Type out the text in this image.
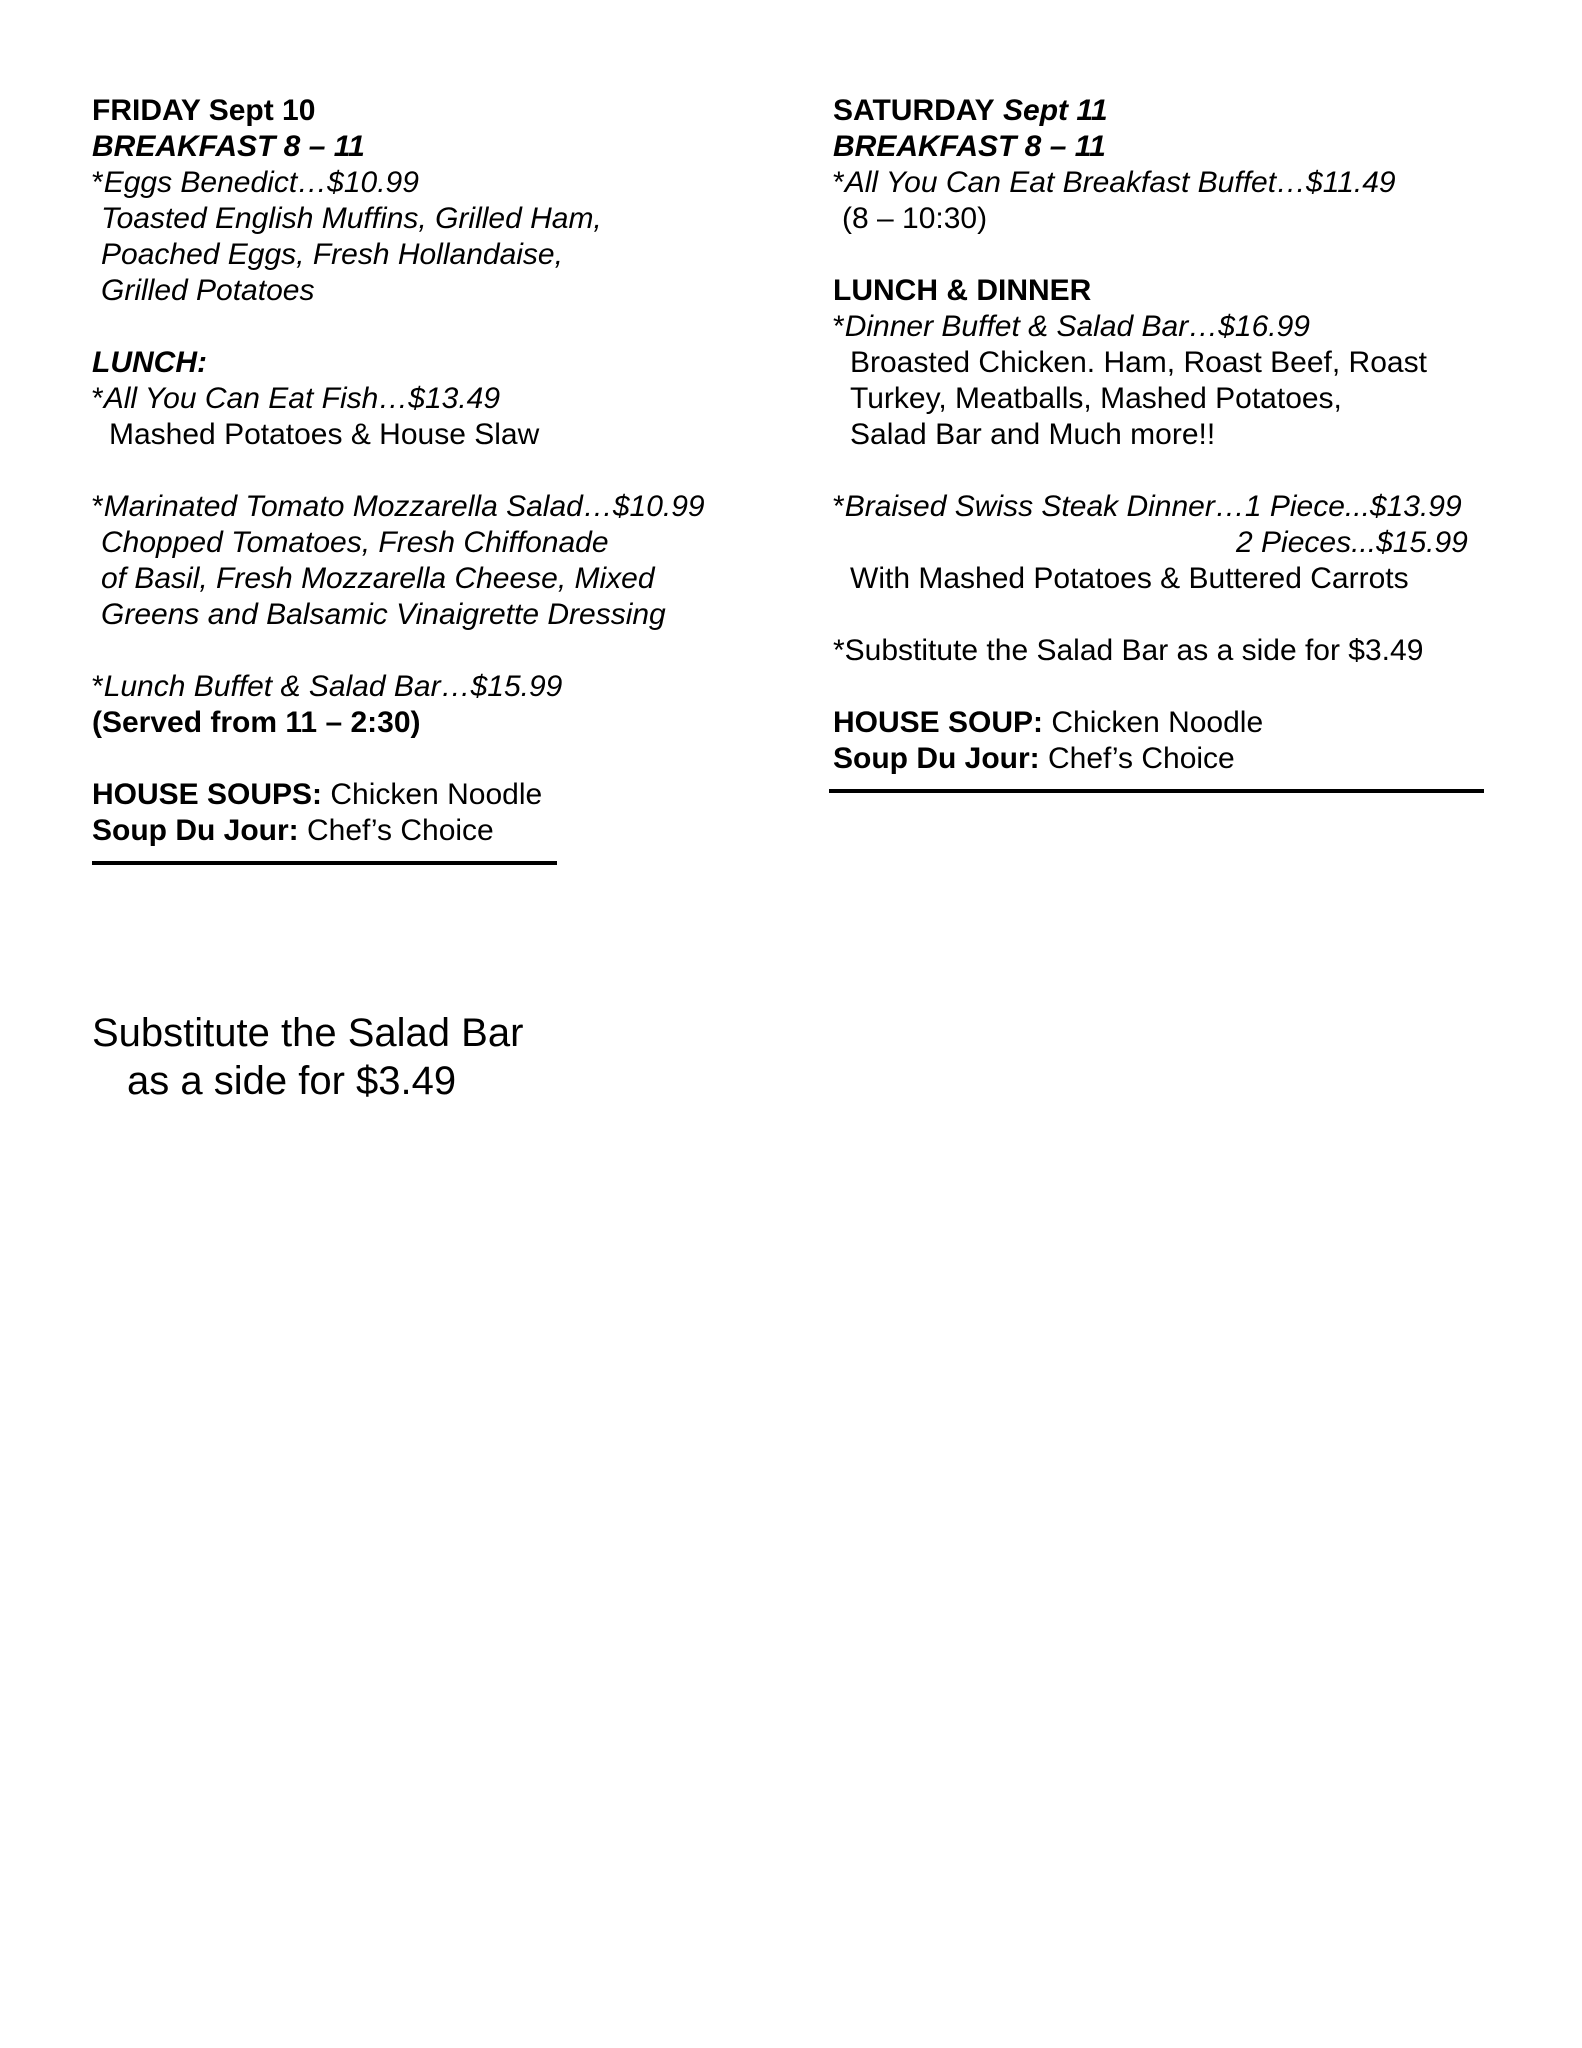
FRIDAY Sept 10
BREAKFAST 8 – 11
*Eggs Benedict…$10.99
Toasted English Muffins, Grilled Ham,
Poached Eggs, Fresh Hollandaise,
Grilled Potatoes
LUNCH:
*All You Can Eat Fish…$13.49
Mashed Potatoes & House Slaw
*Marinated Tomato Mozzarella Salad…$10.99
Chopped Tomatoes, Fresh Chiffonade
of Basil, Fresh Mozzarella Cheese, Mixed
Greens and Balsamic Vinaigrette Dressing
*Lunch Buffet & Salad Bar…$15.99
(Served from 11 – 2:30)
HOUSE SOUPS: Chicken Noodle
Soup Du Jour: Chef’s Choice
SATURDAY Sept 11
BREAKFAST 8 – 11
*All You Can Eat Breakfast Buffet…$11.49
(8 – 10:30)
LUNCH & DINNER
*Dinner Buffet & Salad Bar…$16.99
Broasted Chicken. Ham, Roast Beef, Roast
Turkey, Meatballs, Mashed Potatoes,
Salad Bar and Much more!!
*Braised Swiss Steak Dinner…1 Piece...$13.99
2 Pieces...$15.99
With Mashed Potatoes & Buttered Carrots
*Substitute the Salad Bar as a side for $3.49
HOUSE SOUP: Chicken Noodle
Soup Du Jour: Chef’s Choice
Substitute the Salad Bar
as a side for $3.49
